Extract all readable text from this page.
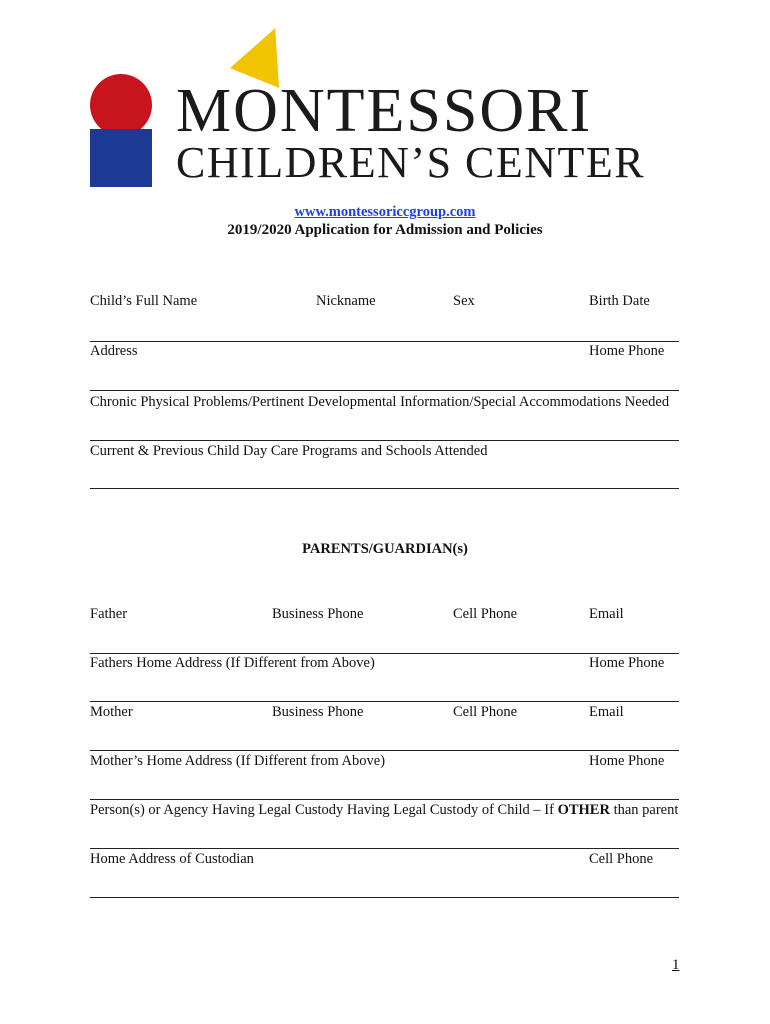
MONTESSORI
CHILDREN’S CENTER
www.montessoriccgroup.com
2019/2020 Application for Admission and Policies
Child’s Full Name	Nickname	Sex	Birth Date
Address	Home Phone
Chronic Physical Problems/Pertinent Developmental Information/Special Accommodations Needed
Current & Previous Child Day Care Programs and Schools Attended
PARENTS/GUARDIAN(s)
Father	Business Phone	Cell Phone	Email
Fathers Home Address (If Different from Above)	Home Phone
Mother	Business Phone	Cell Phone	Email
Mother’s Home Address (If Different from Above)	Home Phone
Person(s) or Agency Having Legal Custody Having Legal Custody of Child – If OTHER than parent
Home Address of Custodian	Cell Phone
1
